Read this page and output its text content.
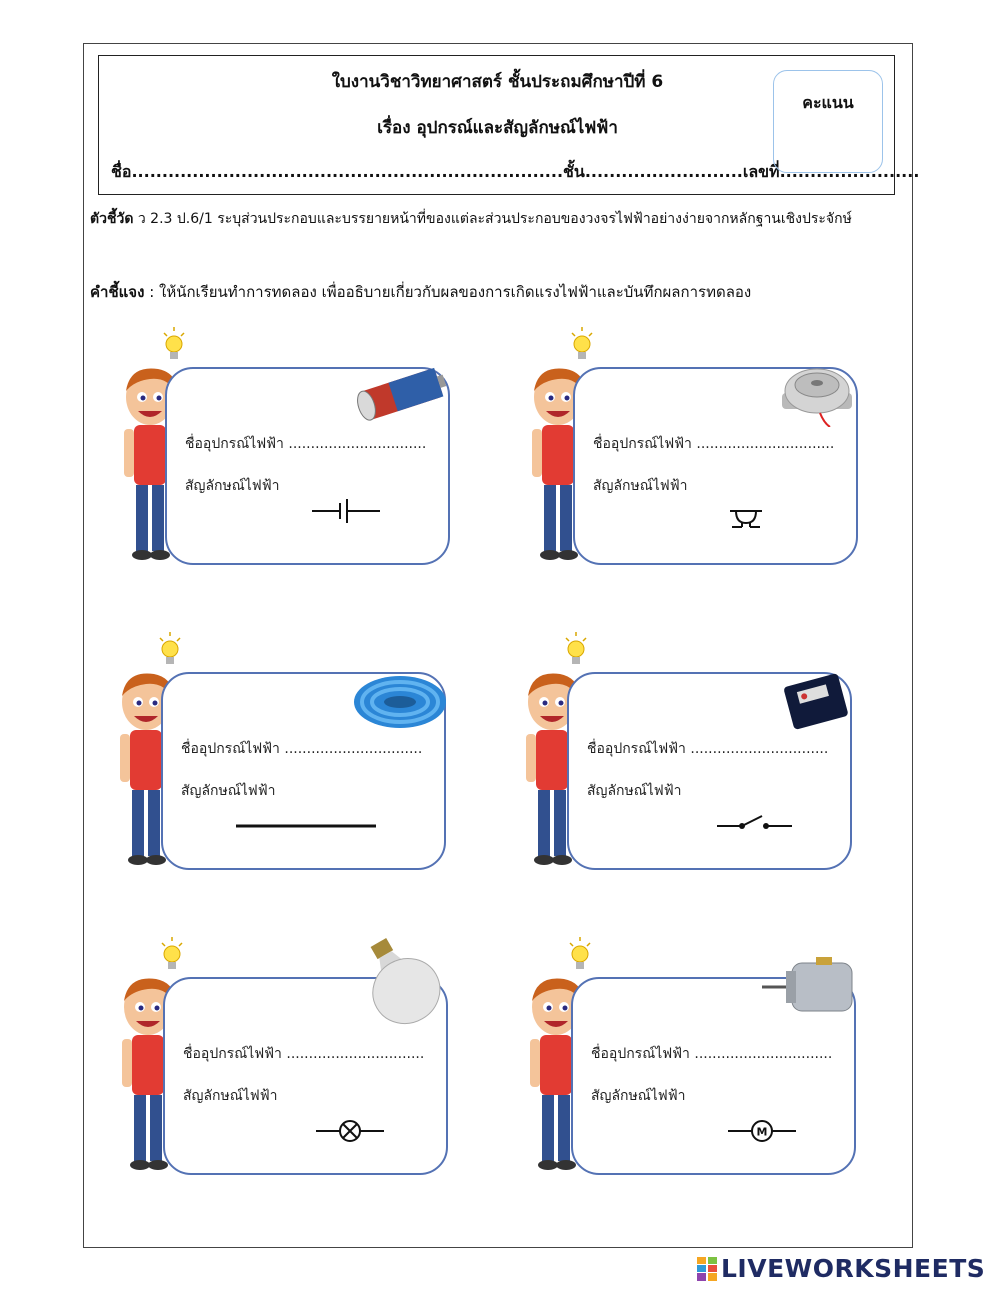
ใบงานวิชาวิทยาศาสตร์ ชั้นประถมศึกษาปีที่ 6
เรื่อง อุปกรณ์และสัญลักษณ์ไฟฟ้า
ชื่อ.......................................................................ชั้น..........................เลขที่.......................
คะแนน
ตัวชี้วัด ว 2.3 ป.6/1 ระบุส่วนประกอบและบรรยายหน้าที่ของแต่ละส่วนประกอบของวงจรไฟฟ้าอย่างง่ายจากหลักฐานเชิงประจักษ์
คำชี้แจง : ให้นักเรียนทำการทดลอง เพื่ออธิบายเกี่ยวกับผลของการเกิดแรงไฟฟ้าและบันทึกผลการทดลอง
ชื่ออุปกรณ์ไฟฟ้า ...............................
สัญลักษณ์ไฟฟ้า
ชื่ออุปกรณ์ไฟฟ้า ...............................
สัญลักษณ์ไฟฟ้า
ชื่ออุปกรณ์ไฟฟ้า ...............................
สัญลักษณ์ไฟฟ้า
ชื่ออุปกรณ์ไฟฟ้า ...............................
สัญลักษณ์ไฟฟ้า
ชื่ออุปกรณ์ไฟฟ้า ...............................
สัญลักษณ์ไฟฟ้า
ชื่ออุปกรณ์ไฟฟ้า ...............................
สัญลักษณ์ไฟฟ้า
M
LIVEWORKSHEETS
